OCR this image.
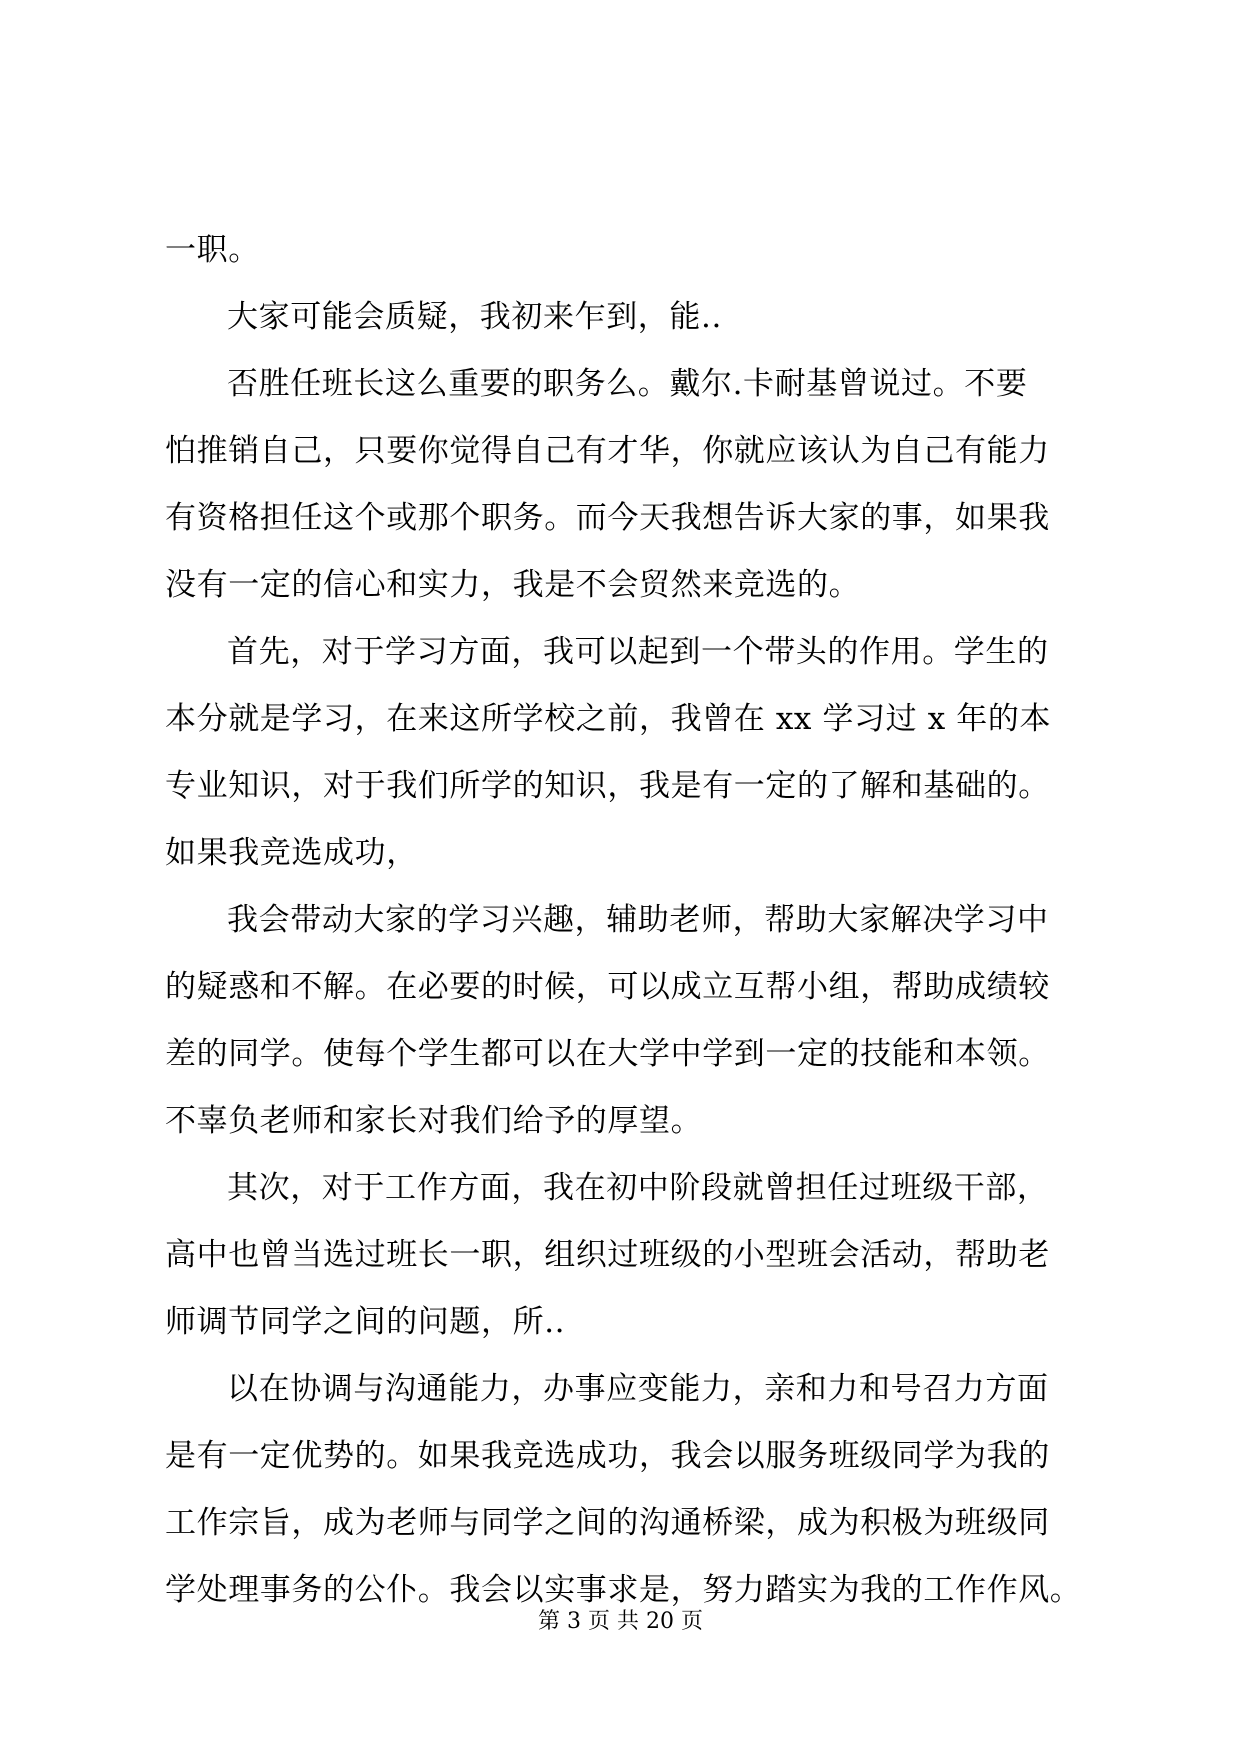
一职。
大家可能会质疑，我初来乍到，能..
否胜任班长这么重要的职务么。戴尔.卡耐基曾说过。不要
怕推销自己，只要你觉得自己有才华，你就应该认为自己有能力
有资格担任这个或那个职务。而今天我想告诉大家的事，如果我
没有一定的信心和实力，我是不会贸然来竞选的。
首先，对于学习方面，我可以起到一个带头的作用。学生的
本分就是学习，在来这所学校之前，我曾在 xx 学习过 x 年的本
专业知识，对于我们所学的知识，我是有一定的了解和基础的。
如果我竞选成功，
我会带动大家的学习兴趣，辅助老师，帮助大家解决学习中
的疑惑和不解。在必要的时候，可以成立互帮小组，帮助成绩较
差的同学。使每个学生都可以在大学中学到一定的技能和本领。
不辜负老师和家长对我们给予的厚望。
其次，对于工作方面，我在初中阶段就曾担任过班级干部，
高中也曾当选过班长一职，组织过班级的小型班会活动，帮助老
师调节同学之间的问题，所..
以在协调与沟通能力，办事应变能力，亲和力和号召力方面
是有一定优势的。如果我竞选成功，我会以服务班级同学为我的
工作宗旨，成为老师与同学之间的沟通桥梁，成为积极为班级同
学处理事务的公仆。我会以实事求是，努力踏实为我的工作作风。
第 3 页 共 20 页
